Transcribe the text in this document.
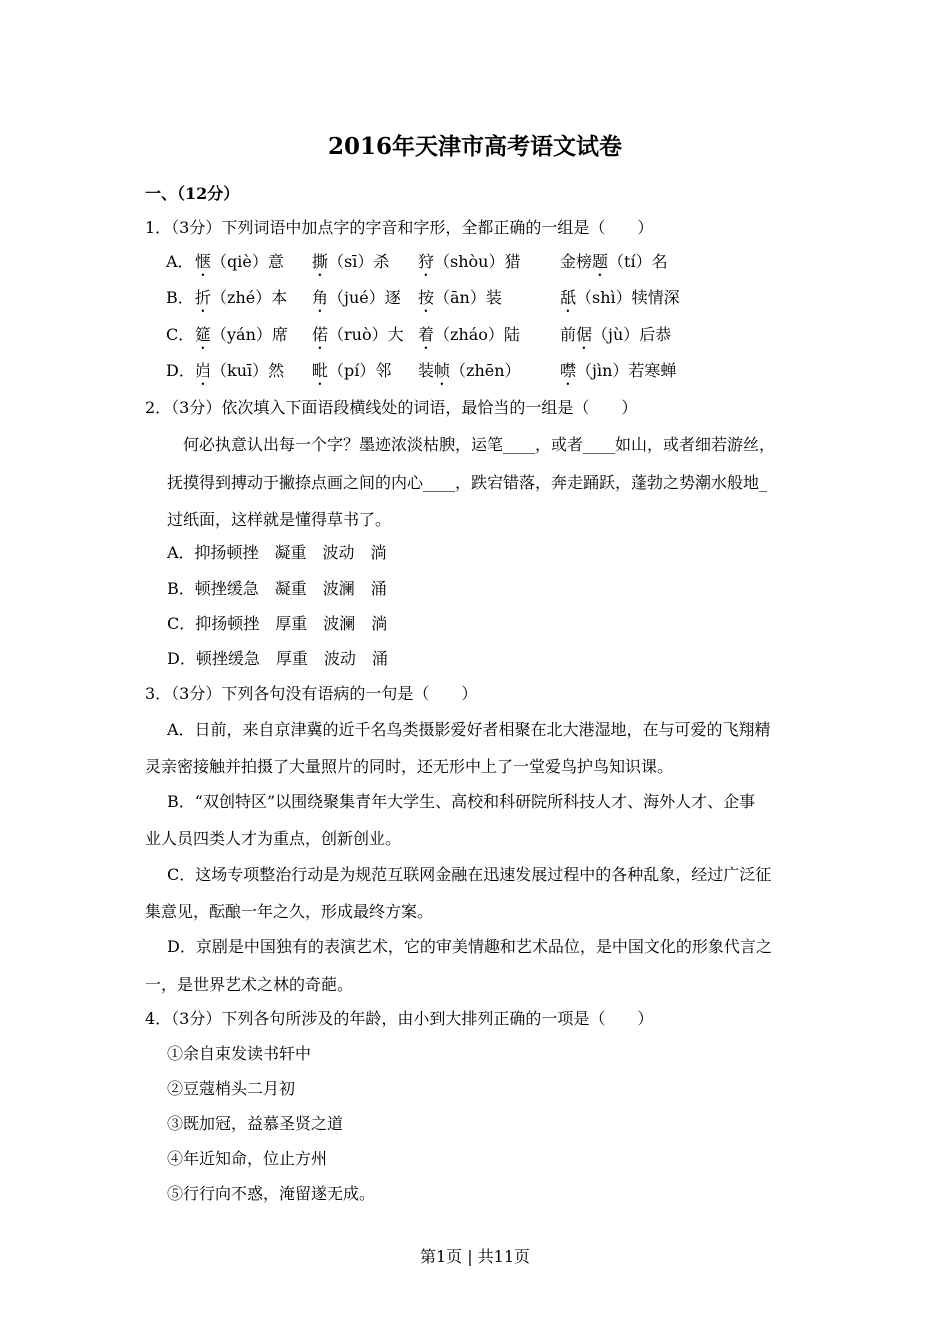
2016年天津市高考语文试卷
一、（12分）
1．（3分）下列词语中加点字的字音和字形，全都正确的一组是（　　）
A． 惬（qiè）意 撕（sī）杀 狩（shòu）猎 金榜题（tí）名
B． 折（zhé）本 角（jué）逐 按（ān）装	舐（shì）犊情深
C． 筵（yán）席 偌（ruò）大 着（zháo）陆	前倨（jù）后恭
D． 岿（kuī）然 毗（pí）邻 装帧（zhēn） 噤（jìn）若寒蝉
2．（3分）依次填入下面语段横线处的词语，最恰当的一组是（　　）
　何必执意认出每一个字？墨迹浓淡枯腴，运笔____，或者____如山，或者细若游丝，
抚摸得到搏动于撇捺点画之间的内心____，跌宕错落，奔走踊跃，蓬勃之势潮水般地_
过纸面，这样就是懂得草书了。
A．抑扬顿挫　凝重　波动　淌
B．顿挫缓急　凝重　波澜　涌
C．抑扬顿挫　厚重　波澜　淌
D．顿挫缓急　厚重　波动　涌
3．（3分）下列各句没有语病的一句是（　　）
A．日前，来自京津冀的近千名鸟类摄影爱好者相聚在北大港湿地，在与可爱的飞翔精
灵亲密接触并拍摄了大量照片的同时，还无形中上了一堂爱鸟护鸟知识课。
B．“双创特区”以围绕聚集青年大学生、高校和科研院所科技人才、海外人才、企事
业人员四类人才为重点，创新创业。
C．这场专项整治行动是为规范互联网金融在迅速发展过程中的各种乱象，经过广泛征
集意见，酝酿一年之久，形成最终方案。
D．京剧是中国独有的表演艺术，它的审美情趣和艺术品位，是中国文化的形象代言之
一，是世界艺术之林的奇葩。
4．（3分）下列各句所涉及的年龄，由小到大排列正确的一项是（　　）
①余自束发读书轩中
②豆蔻梢头二月初
③既加冠，益慕圣贤之道
④年近知命，位止方州
⑤行行向不惑，淹留遂无成。
第1页 | 共11页
